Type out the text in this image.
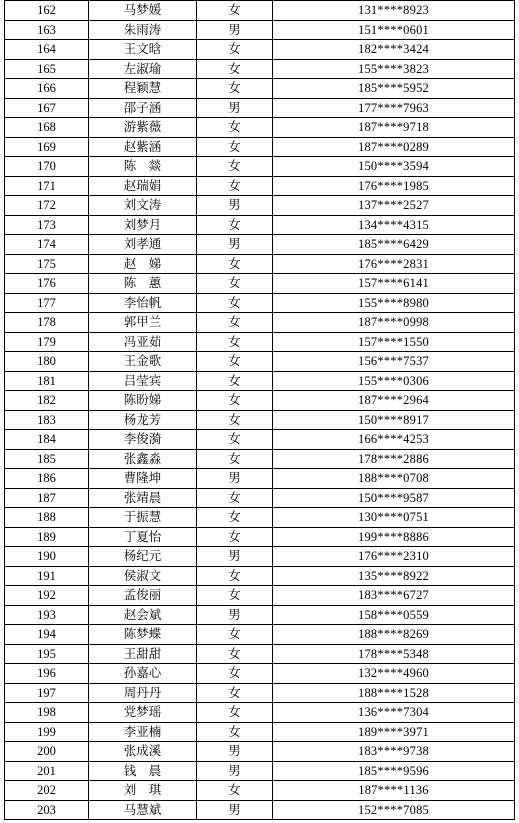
162	马梦媛	女	131****8923
163	朱雨涛	男	151****0601
164	王文晗	女	182****3424
165	左淑瑜	女	155****3823
166	程颖慧	女	185****5952
167	邵子涵	男	177****7963
168	游紫薇	女	187****9718
169	赵紫涵	女	187****0289
170	陈　燚	女	150****3594
171	赵瑞娟	女	176****1985
172	刘文涛	男	137****2527
173	刘梦月	女	134****4315
174	刘孝通	男	185****6429
175	赵　娣	女	176****2831
176	陈　蕙	女	157****6141
177	李怡帆	女	155****8980
178	郭甲兰	女	187****0998
179	冯亚茹	女	157****1550
180	王金歌	女	156****7537
181	吕莹宾	女	155****0306
182	陈盼娣	女	187****2964
183	杨龙芳	女	150****8917
184	李俊漪	女	166****4253
185	张鑫淼	女	178****2886
186	曹隆坤	男	188****0708
187	张靖晨	女	150****9587
188	于振慧	女	130****0751
189	丁夏怡	女	199****8886
190	杨纪元	男	176****2310
191	侯淑文	女	135****8922
192	孟俊丽	女	183****6727
193	赵会斌	男	158****0559
194	陈梦蝶	女	188****8269
195	王甜甜	女	178****5348
196	孙嘉心	女	132****4960
197	周丹丹	女	188****1528
198	党梦瑶	女	136****7304
199	李亚楠	女	189****3971
200	张成溪	男	183****9738
201	钱　晨	男	185****9596
202	刘　琪	女	187****1136
203	马慧斌	男	152****7085
